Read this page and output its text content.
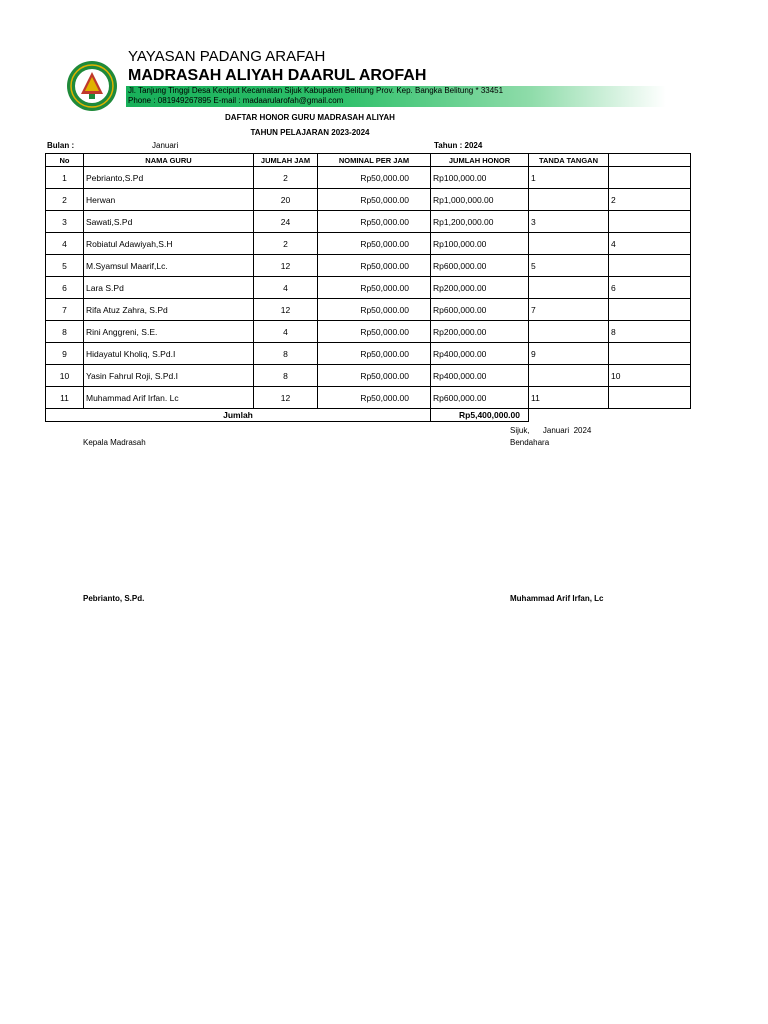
YAYASAN PADANG ARAFAH
MADRASAH ALIYAH DAARUL AROFAH
Jl. Tanjung Tinggi Desa Keciput Kecamatan Sijuk Kabupaten Belitung Prov. Kep. Bangka Belitung * 33451
Phone : 081949267895 E-mail : madaarularofah@gmail.com
DAFTAR HONOR GURU MADRASAH ALIYAH
TAHUN PELAJARAN 2023-2024
Bulan :	Januari	Tahun : 2024
No	NAMA GURU	JUMLAH JAM	NOMINAL PER JAM	JUMLAH HONOR	TANDA TANGAN	
1	Pebrianto,S.Pd	2	Rp50,000.00	Rp100,000.00	1	
2	Herwan	20	Rp50,000.00	Rp1,000,000.00		2
3	Sawati,S.Pd	24	Rp50,000.00	Rp1,200,000.00	3	
4	Robiatul Adawiyah,S.H	2	Rp50,000.00	Rp100,000.00		4
5	M.Syamsul Maarif,Lc.	12	Rp50,000.00	Rp600,000.00	5	
6	Lara S.Pd	4	Rp50,000.00	Rp200,000.00		6
7	Rifa Atuz Zahra, S.Pd	12	Rp50,000.00	Rp600,000.00	7	
8	Rini Anggreni, S.E.	4	Rp50,000.00	Rp200,000.00		8
9	Hidayatul Kholiq, S.Pd.I	8	Rp50,000.00	Rp400,000.00	9	
10	Yasin Fahrul Roji, S.Pd.I	8	Rp50,000.00	Rp400,000.00		10
11	Muhammad Arif Irfan. Lc	12	Rp50,000.00	Rp600,000.00	11	
Jumlah				Rp5,400,000.00		
Sijuk,      Januari  2024
Kepala Madrasah	Bendahara
Pebrianto, S.Pd.	Muhammad Arif Irfan, Lc
